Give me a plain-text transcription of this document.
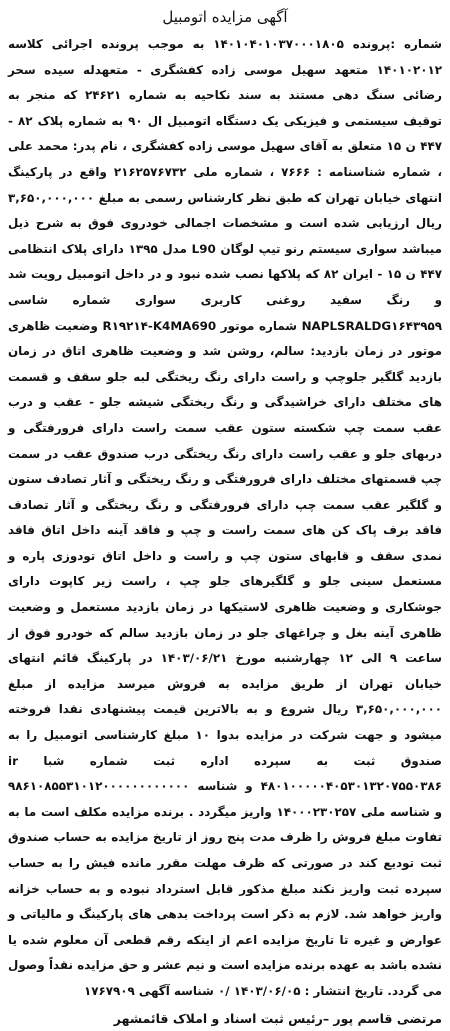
آگهی مزایده اتومبیل
شماره :پرونده ۱۴۰۱۰۴۰۱۰۳۷۰۰۰۱۸۰۵ به موجب پرونده اجرائی کلاسه ۱۴۰۱۰۲۰۱۲ متعهد سهیل موسی زاده کفشگری - متعهدله سیده سحر رضائی سنگ دهی مستند به سند نکاحیه به شماره ۲۴۶۲۱ که منجر به توقیف سیستمی و فیزیکی یک دستگاه اتومبیل ال ۹۰ به شماره پلاک ۸۲ - ۴۴۷ ن ۱۵ متعلق به آقای سهیل موسی زاده کفشگری ، نام پدر: محمد علی ، شماره شناسنامه : ۷۶۶۶ ، شماره ملی ۲۱۶۲۵۷۶۷۳۲ واقع در پارکینگ انتهای خیابان تهران که طبق نظر کارشناس رسمی به مبلغ ۳,۶۵۰,۰۰۰,۰۰۰ ریال ارزیابی شده است و مشخصات اجمالی خودروی فوق به شرح ذیل میباشد سواری سیستم رنو تیپ لوگان L90 مدل ۱۳۹۵ دارای پلاک انتظامی ۴۴۷ ن ۱۵ - ایران ۸۲ که پلاکها نصب شده نبود و در داخل اتومبیل رویت شد و رنگ سفید روغنی کاربری سواری شماره شاسی NAPLSRALDG۱۶۴۳۹۵۹ شماره موتور R۱۹۲۱۴-K4MA690 وضعیت ظاهری موتور در زمان بازدید: سالم، روشن شد و وضعیت ظاهری اتاق در زمان بازدید گلگیر جلوچپ و راست دارای رنگ ریختگی لبه جلو سقف و قسمت های مختلف دارای خراشیدگی و رنگ ریختگی شیشه جلو - عقب و درب عقب سمت چپ شکسته ستون عقب سمت راست دارای فرورفتگی و دربهای جلو و عقب راست دارای رنگ ریختگی درب صندوق عقب در سمت چپ قسمتهای مختلف دارای فرورفتگی و رنگ ریختگی و آثار تصادف ستون و گلگیر عقب سمت چپ دارای فرورفتگی و رنگ ریختگی و آثار تصادف فاقد برف پاک کن های سمت راست و چپ و فاقد آینه داخل اتاق فاقد نمدی سقف و قابهای ستون چپ و راست و داخل اتاق تودوزی پاره و مستعمل سینی جلو و گلگیرهای جلو چپ ، راست زیر کاپوت دارای جوشکاری و وضعیت ظاهری لاستیکها در زمان بازدید مستعمل و وضعیت ظاهری آینه بغل و چراغهای جلو در زمان بازدید سالم که خودرو فوق از ساعت ۹ الی ۱۲ چهارشنبه مورخ ۱۴۰۳/۰۶/۲۱ در پارکینگ قائم انتهای خیابان تهران از طریق مزایده به فروش میرسد مزایده از مبلغ ۳,۶۵۰,۰۰۰,۰۰۰ ریال شروع و به بالاترین قیمت پیشنهادی نقدا فروخته میشود و جهت شرکت در مزایده بدوا ۱۰ مبلغ کارشناسی اتومبیل را به صندوق ثبت به سپرده اداره ثبت شماره شبا ir ۴۸۰۱۰۰۰۰۰۴۰۵۳۰۱۳۲۰۷۵۵۰۳۸۶ و شناسه ۹۸۶۱۰۸۵۵۳۱۰۱۲۰۰۰۰۰۰۰۰۰۰۰۰ و شناسه ملی ۱۴۰۰۰۲۳۰۲۵۷ واریز میگردد . برنده مزایده مکلف است ما به تفاوت مبلغ فروش را ظرف مدت پنج روز از تاریخ مزایده به حساب صندوق ثبت تودیع کند در صورتی که ظرف مهلت مقرر مانده فیش را به حساب سپرده ثبت واریز نکند مبلغ مذکور قابل استرداد نبوده و به حساب خزانه واریز خواهد شد. لازم به ذکر است پرداخت بدهی های پارکینگ و مالیاتی و عوارض و غیره تا تاریخ مزایده اعم از اینکه رقم قطعی آن معلوم شده یا نشده باشد به عهده برنده مزایده است و نیم عشر و حق مزایده نقداً وصول می گردد. تاریخ انتشار : ۱۴۰۳/۰۶/۰۵ /۰ شناسه آگهی ۱۷۶۷۹۰۹
مرتضی قاسم پور –رئیس ثبت اسناد و املاک قائمشهر
